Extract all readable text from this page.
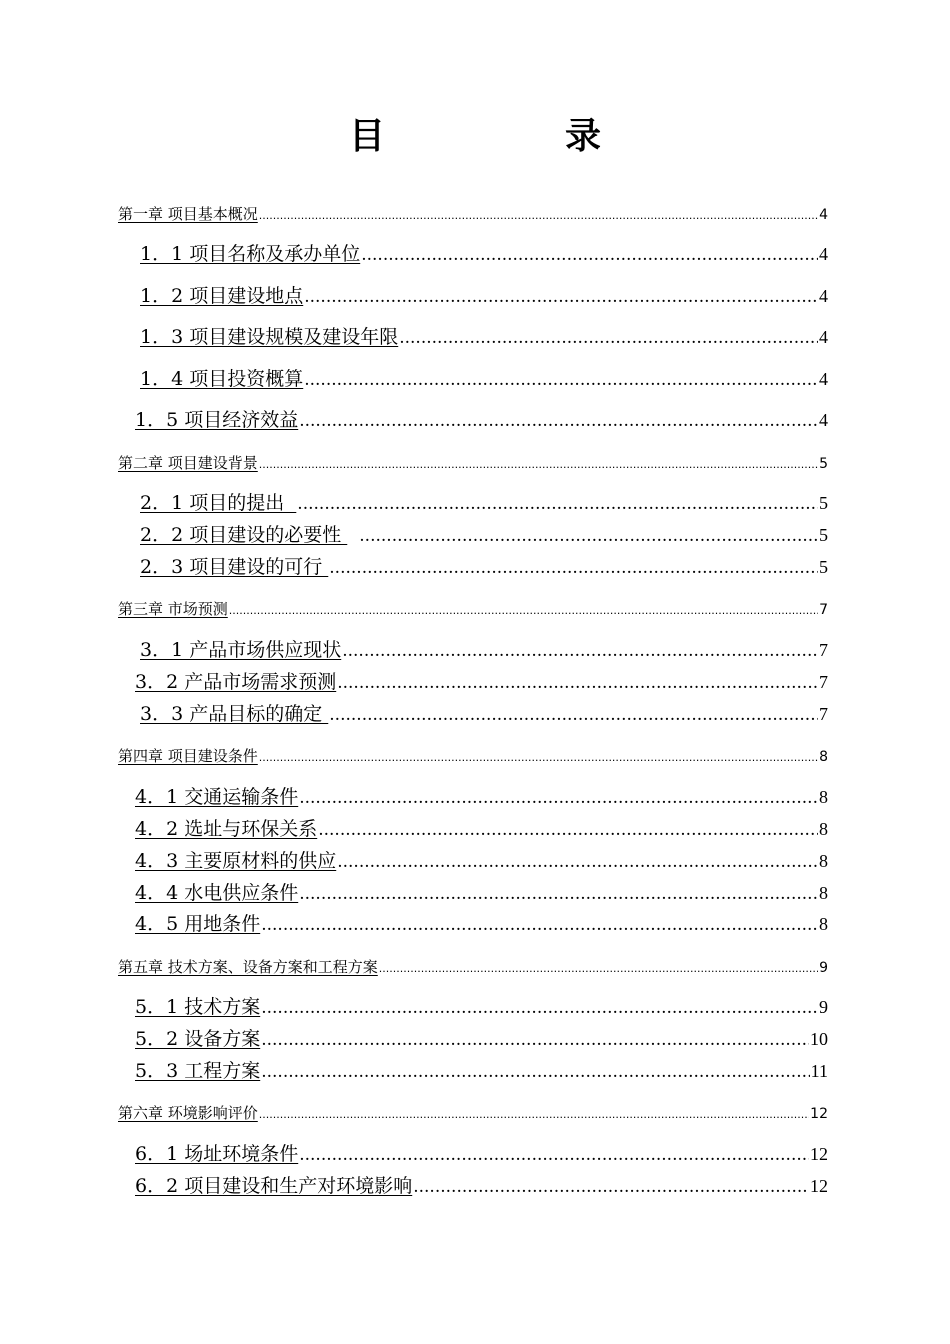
目　录
第一章 项目基本概况 .....	4
1．1 项目名称及承办单位 .....	4
1．2 项目建设地点 .....	4
1．3 项目建设规模及建设年限 .....	4
1．4 项目投资概算 .....	4
1．5 项目经济效益 .....	4
第二章 项目建设背景 .....	5
2．1 项目的提出 .....	5
2．2 项目建设的必要性 .....	5
2．3 项目建设的可行 .....	5
第三章 市场预测 .....	7
3．1 产品市场供应现状 .....	7
3．2 产品市场需求预测 .....	7
3．3 产品目标的确定 .....	7
第四章 项目建设条件 .....	8
4．1 交通运输条件 .....	8
4．2 选址与环保关系 .....	8
4．3 主要原材料的供应 .....	8
4．4 水电供应条件 .....	8
4．5 用地条件 .....	8
第五章 技术方案、设备方案和工程方案 .....	9
5．1 技术方案 .....	9
5．2 设备方案 .....	10
5．3 工程方案 .....	11
第六章 环境影响评价 .....	12
6．1 场址环境条件 .....	12
6．2 项目建设和生产对环境影响 .....	12
